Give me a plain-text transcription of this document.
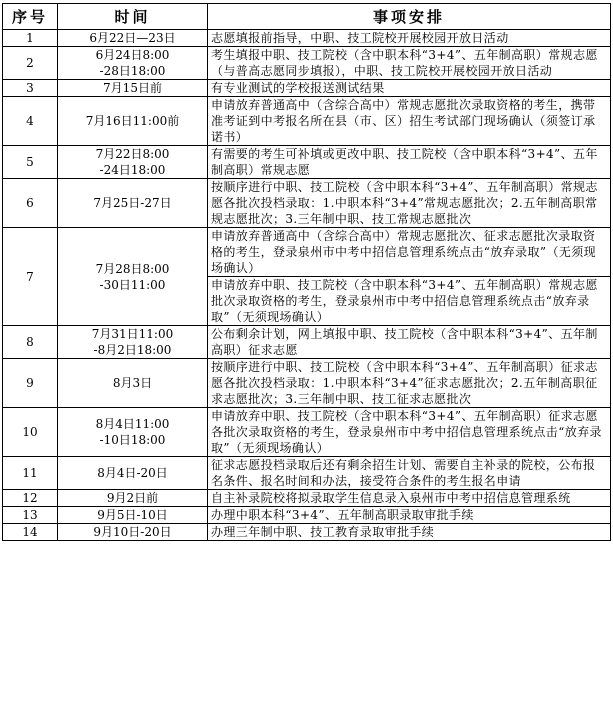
序号	时间	事项安排
1	6月22日—23日	志愿填报前指导，中职、技工院校开展校园开放日活动

2	6月24日8:00
-28日18:00	考生填报中职、技工院校（含中职本科“3+4”、五年制高职）常规志愿（与普高志愿同步填报），中职、技工院校开展校园开放日活动

3	7月15日前	有专业测试的学校报送测试结果

4	7月16日11:00前	申请放弃普通高中（含综合高中）常规志愿批次录取资格的考生，携带准考证到中考报名所在县（市、区）招生考试部门现场确认（须签订承诺书）

5	7月22日8:00
-24日18:00	有需要的考生可补填或更改中职、技工院校（含中职本科“3+4”、五年制高职）常规志愿

6	7月25日-27日	按顺序进行中职、技工院校（含中职本科“3+4”、五年制高职）常规志愿各批次投档录取：1.中职本科“3+4”常规志愿批次；2.五年制高职常规志愿批次；3.三年制中职、技工常规志愿批次

7	7月28日8:00
-30日11:00	申请放弃普通高中（含综合高中）常规志愿批次、征求志愿批次录取资格的考生，登录泉州市中考中招信息管理系统点击“放弃录取”（无须现场确认）
申请放弃中职、技工院校（含中职本科“3+4”、五年制高职）常规志愿批次录取资格的考生，登录泉州市中考中招信息管理系统点击“放弃录取”（无须现场确认）

8	7月31日11:00
-8月2日18:00	公布剩余计划，网上填报中职、技工院校（含中职本科“3+4”、五年制高职）征求志愿

9	8月3日	按顺序进行中职、技工院校（含中职本科“3+4”、五年制高职）征求志愿各批次投档录取：1.中职本科“3+4”征求志愿批次；2.五年制高职征求志愿批次；3.三年制中职、技工征求志愿批次

10	8月4日11:00
-10日18:00	申请放弃中职、技工院校（含中职本科“3+4”、五年制高职）征求志愿各批次录取资格的考生，登录泉州市中考中招信息管理系统点击“放弃录取”（无须现场确认）

11	8月4日-20日	征求志愿投档录取后还有剩余招生计划、需要自主补录的院校，公布报名条件、报名时间和办法，接受符合条件的考生报名申请

12	9月2日前	自主补录院校将拟录取学生信息录入泉州市中考中招信息管理系统

13	9月5日-10日	办理中职本科“3+4”、五年制高职录取审批手续

14	9月10日-20日	办理三年制中职、技工教育录取审批手续
